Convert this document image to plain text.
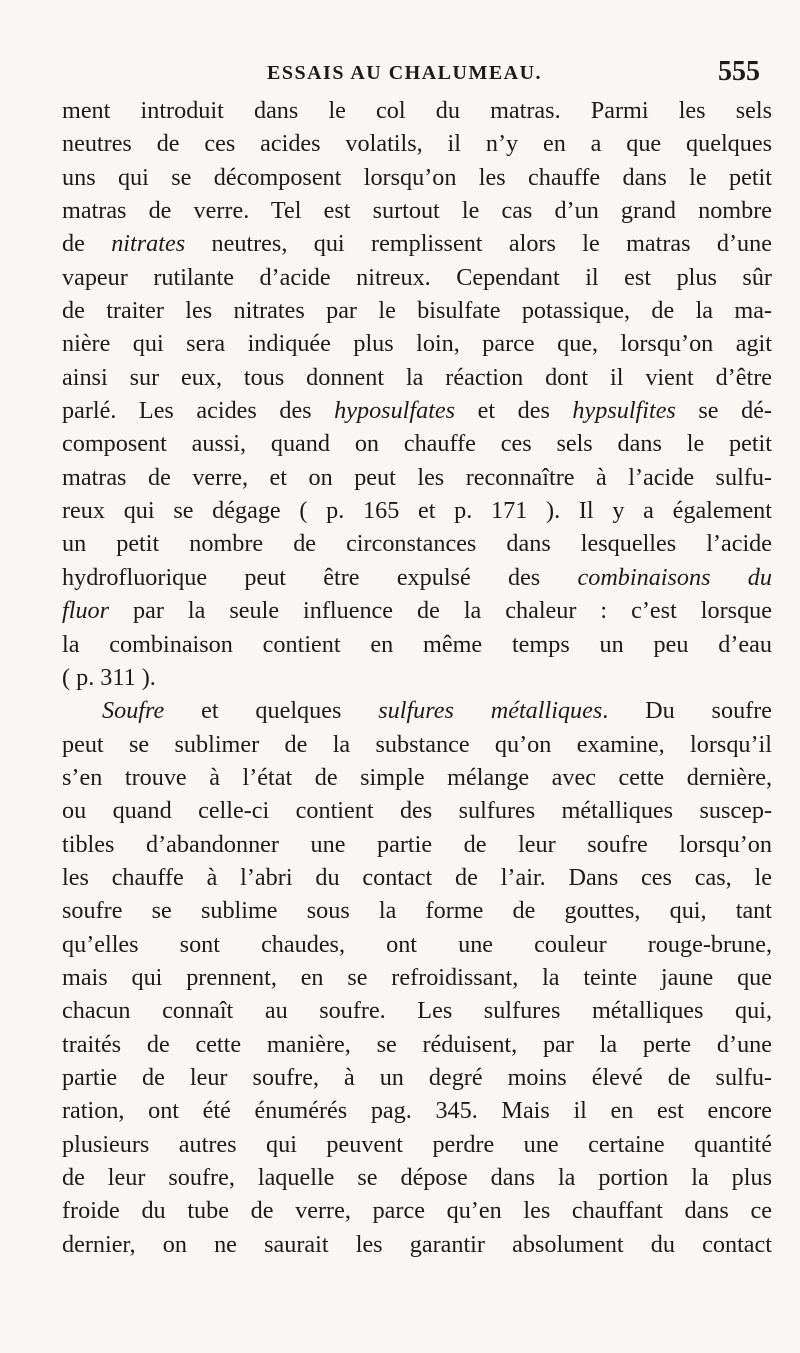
ESSAIS AU CHALUMEAU.	555
ment introduit dans le col du matras. Parmi les sels
neutres de ces acides volatils, il n’y en a que quelques
uns qui se décomposent lorsqu’on les chauffe dans le petit
matras de verre. Tel est surtout le cas d’un grand nombre
de nitrates neutres, qui remplissent alors le matras d’une
vapeur rutilante d’acide nitreux. Cependant il est plus sûr
de traiter les nitrates par le bisulfate potassique, de la ma-
nière qui sera indiquée plus loin, parce que, lorsqu’on agit
ainsi sur eux, tous donnent la réaction dont il vient d’être
parlé. Les acides des hyposulfates et des hypsulfites se dé-
composent aussi, quand on chauffe ces sels dans le petit
matras de verre, et on peut les reconnaître à l’acide sulfu-
reux qui se dégage ( p. 165 et p. 171 ). Il y a également
un petit nombre de circonstances dans lesquelles l’acide
hydrofluorique peut être expulsé des combinaisons du
fluor par la seule influence de la chaleur : c’est lorsque
la combinaison contient en même temps un peu d’eau
( p. 311 ).
Soufre et quelques sulfures métalliques. Du soufre
peut se sublimer de la substance qu’on examine, lorsqu’il
s’en trouve à l’état de simple mélange avec cette dernière,
ou quand celle-ci contient des sulfures métalliques suscep-
tibles d’abandonner une partie de leur soufre lorsqu’on
les chauffe à l’abri du contact de l’air. Dans ces cas, le
soufre se sublime sous la forme de gouttes, qui, tant
qu’elles sont chaudes, ont une couleur rouge-brune,
mais qui prennent, en se refroidissant, la teinte jaune que
chacun connaît au soufre. Les sulfures métalliques qui,
traités de cette manière, se réduisent, par la perte d’une
partie de leur soufre, à un degré moins élevé de sulfu-
ration, ont été énumérés pag. 345. Mais il en est encore
plusieurs autres qui peuvent perdre une certaine quantité
de leur soufre, laquelle se dépose dans la portion la plus
froide du tube de verre, parce qu’en les chauffant dans ce
dernier, on ne saurait les garantir absolument du contact
